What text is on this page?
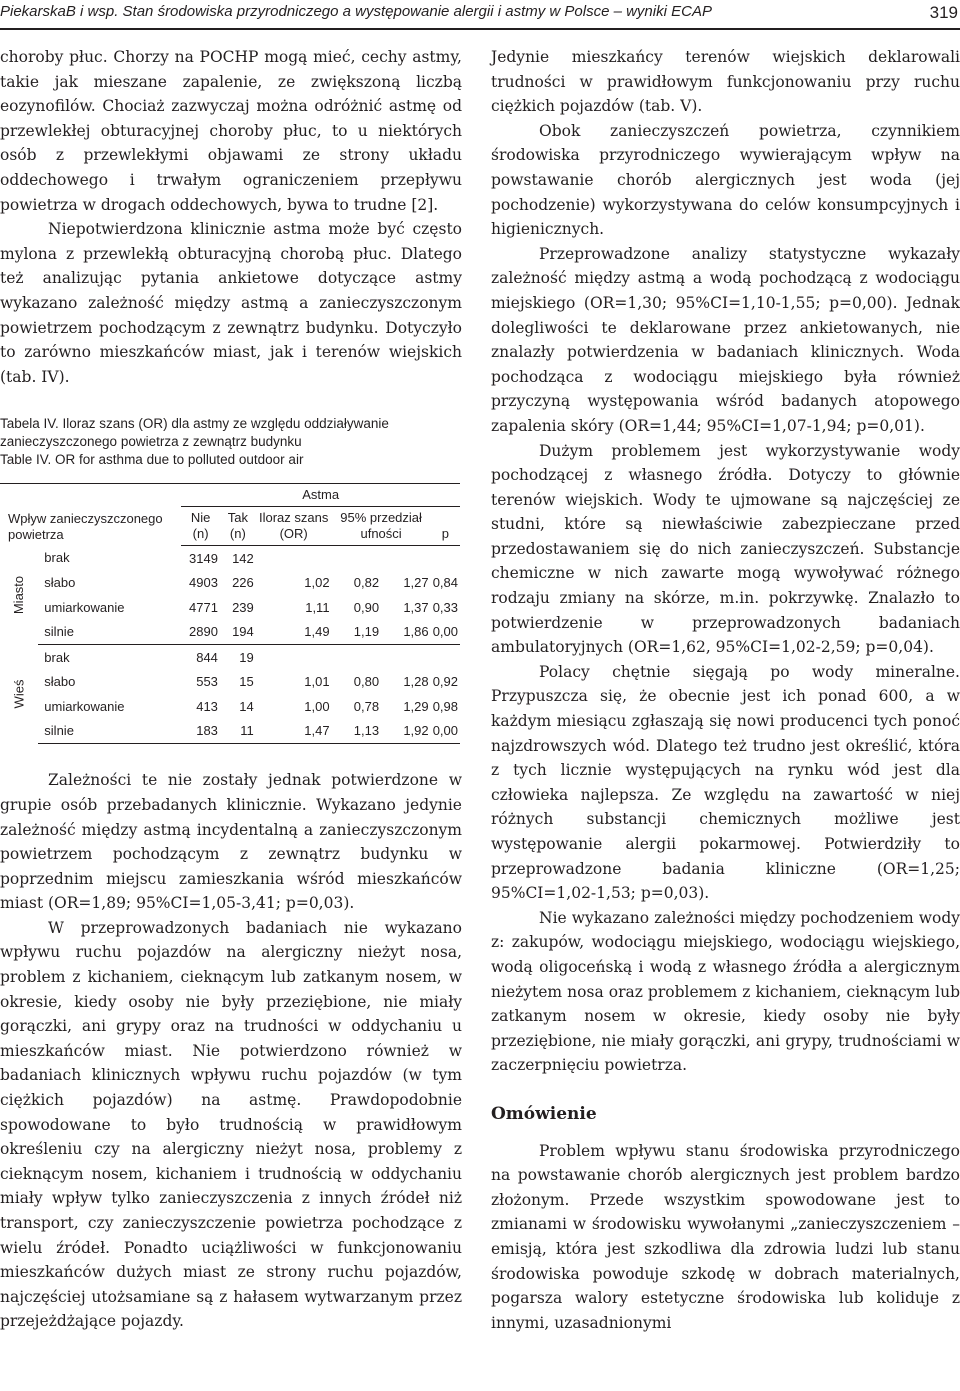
PiekarskaB i wsp. Stan środowiska przyrodniczego a występowanie alergii i astmy w Polsce – wyniki ECAP	319

choroby płuc. Chorzy na POCHP mogą mieć, cechy astmy, takie jak mieszane zapalenie, ze zwiększoną liczbą eozynofilów. Chociaż zazwyczaj można odróżnić astmę od przewlekłej obturacyjnej choroby płuc, to u niektórych osób z przewlekłymi objawami ze strony układu oddechowego i trwałym ograniczeniem przepływu powietrza w drogach oddechowych, bywa to trudne [2].

Niepotwierdzona klinicznie astma może być często mylona z przewlekłą obturacyjną chorobą płuc. Dlatego też analizując pytania ankietowe dotyczące astmy wykazano zależność między astmą a zanieczyszczonym powietrzem pochodzącym z zewnątrz budynku. Dotyczyło to zarówno mieszkańców miast, jak i terenów wiejskich (tab. IV).

Tabela IV. Iloraz szans (OR) dla astmy ze względu oddziaływanie zanieczyszczonego powietrza z zewnątrz budynku
Table IV. OR for asthma due to polluted outdoor air
Wpływ zanieczyszczonego powietrza		Astma					
		Nie (n)	Tak (n)	Iloraz szans (OR)	95% przedział ufności		p
Miasto	brak	3149	142				
	słabo	4903	226	1,02	0,82	1,27	0,84
	umiarkowanie	4771	239	1,11	0,90	1,37	0,33
	silnie	2890	194	1,49	1,19	1,86	0,00
Wieś	brak	844	19				
	słabo	553	15	1,01	0,80	1,28	0,92
	umiarkowanie	413	14	1,00	0,78	1,29	0,98
	silnie	183	11	1,47	1,13	1,92	0,00

Zależności te nie zostały jednak potwierdzone w grupie osób przebadanych klinicznie. Wykazano jedynie zależność między astmą incydentalną a zanieczyszczonym powietrzem pochodzącym z zewnątrz budynku w poprzednim miejscu zamieszkania wśród mieszkańców miast (OR=1,89; 95%CI=1,05-3,41; p=0,03).

W przeprowadzonych badaniach nie wykazano wpływu ruchu pojazdów na alergiczny nieżyt nosa, problem z kichaniem, cieknącym lub zatkanym nosem, w okresie, kiedy osoby nie były przeziębione, nie miały gorączki, ani grypy oraz na trudności w oddychaniu u mieszkańców miast. Nie potwierdzono również w badaniach klinicznych wpływu ruchu pojazdów (w tym ciężkich pojazdów) na astmę. Prawdopodobnie spowodowane to było trudnością w prawidłowym określeniu czy na alergiczny nieżyt nosa, problemy z cieknącym nosem, kichaniem i trudnością w oddychaniu miały wpływ tylko zanieczyszczenia z innych źródeł niż transport, czy zanieczyszczenie powietrza pochodzące z wielu źródeł. Ponadto uciążliwości w funkcjonowaniu mieszkańców dużych miast ze strony ruchu pojazdów, najczęściej utożsamiane są z hałasem wytwarzanym przez przejeżdżające pojazdy.

Jedynie mieszkańcy terenów wiejskich deklarowali trudności w prawidłowym funkcjonowaniu przy ruchu ciężkich pojazdów (tab. V).

Obok zanieczyszczeń powietrza, czynnikiem środowiska przyrodniczego wywierającym wpływ na powstawanie chorób alergicznych jest woda (jej pochodzenie) wykorzystywana do celów konsumpcyjnych i higienicznych.

Przeprowadzone analizy statystyczne wykazały zależność między astmą a wodą pochodzącą z wodociągu miejskiego (OR=1,30; 95%CI=1,10-1,55; p=0,00). Jednak dolegliwości te deklarowane przez ankietowanych, nie znalazły potwierdzenia w badaniach klinicznych. Woda pochodząca z wodociągu miejskiego była również przyczyną występowania wśród badanych atopowego zapalenia skóry (OR=1,44; 95%CI=1,07-1,94; p=0,01).

Dużym problemem jest wykorzystywanie wody pochodzącej z własnego źródła. Dotyczy to głównie terenów wiejskich. Wody te ujmowane są najczęściej ze studni, które są niewłaściwie zabezpieczane przed przedostawaniem się do nich zanieczyszczeń. Substancje chemiczne w nich zawarte mogą wywoływać różnego rodzaju zmiany na skórze, m.in. pokrzywkę. Znalazło to potwierdzenie w przeprowadzonych badaniach ambulatoryjnych (OR=1,62, 95%CI=1,02-2,59; p=0,04).

Polacy chętnie sięgają po wody mineralne. Przypuszcza się, że obecnie jest ich ponad 600, a w każdym miesiącu zgłaszają się nowi producenci tych ponoć najzdrowszych wód. Dlatego też trudno jest określić, która z tych licznie występujących na rynku wód jest dla człowieka najlepsza. Ze względu na zawartość w niej różnych substancji chemicznych możliwe jest występowanie alergii pokarmowej. Potwierdziły to przeprowadzone badania kliniczne (OR=1,25; 95%CI=1,02-1,53; p=0,03).

Nie wykazano zależności między pochodzeniem wody z: zakupów, wodociągu miejskiego, wodociągu wiejskiego, wodą oligoceńską i wodą z własnego źródła a alergicznym nieżytem nosa oraz problemem z kichaniem, cieknącym lub zatkanym nosem w okresie, kiedy osoby nie były przeziębione, nie miały gorączki, ani grypy, trudnościami w zaczerpnięciu powietrza.

Omówienie

Problem wpływu stanu środowiska przyrodniczego na powstawanie chorób alergicznych jest problem bardzo złożonym. Przede wszystkim spowodowane jest to zmianami w środowisku wywołanymi „zanieczyszczeniem – emisją, która jest szkodliwa dla zdrowia ludzi lub stanu środowiska powoduje szkodę w dobrach materialnych, pogarsza walory estetyczne środowiska lub koliduje z innymi, uzasadnionymi
